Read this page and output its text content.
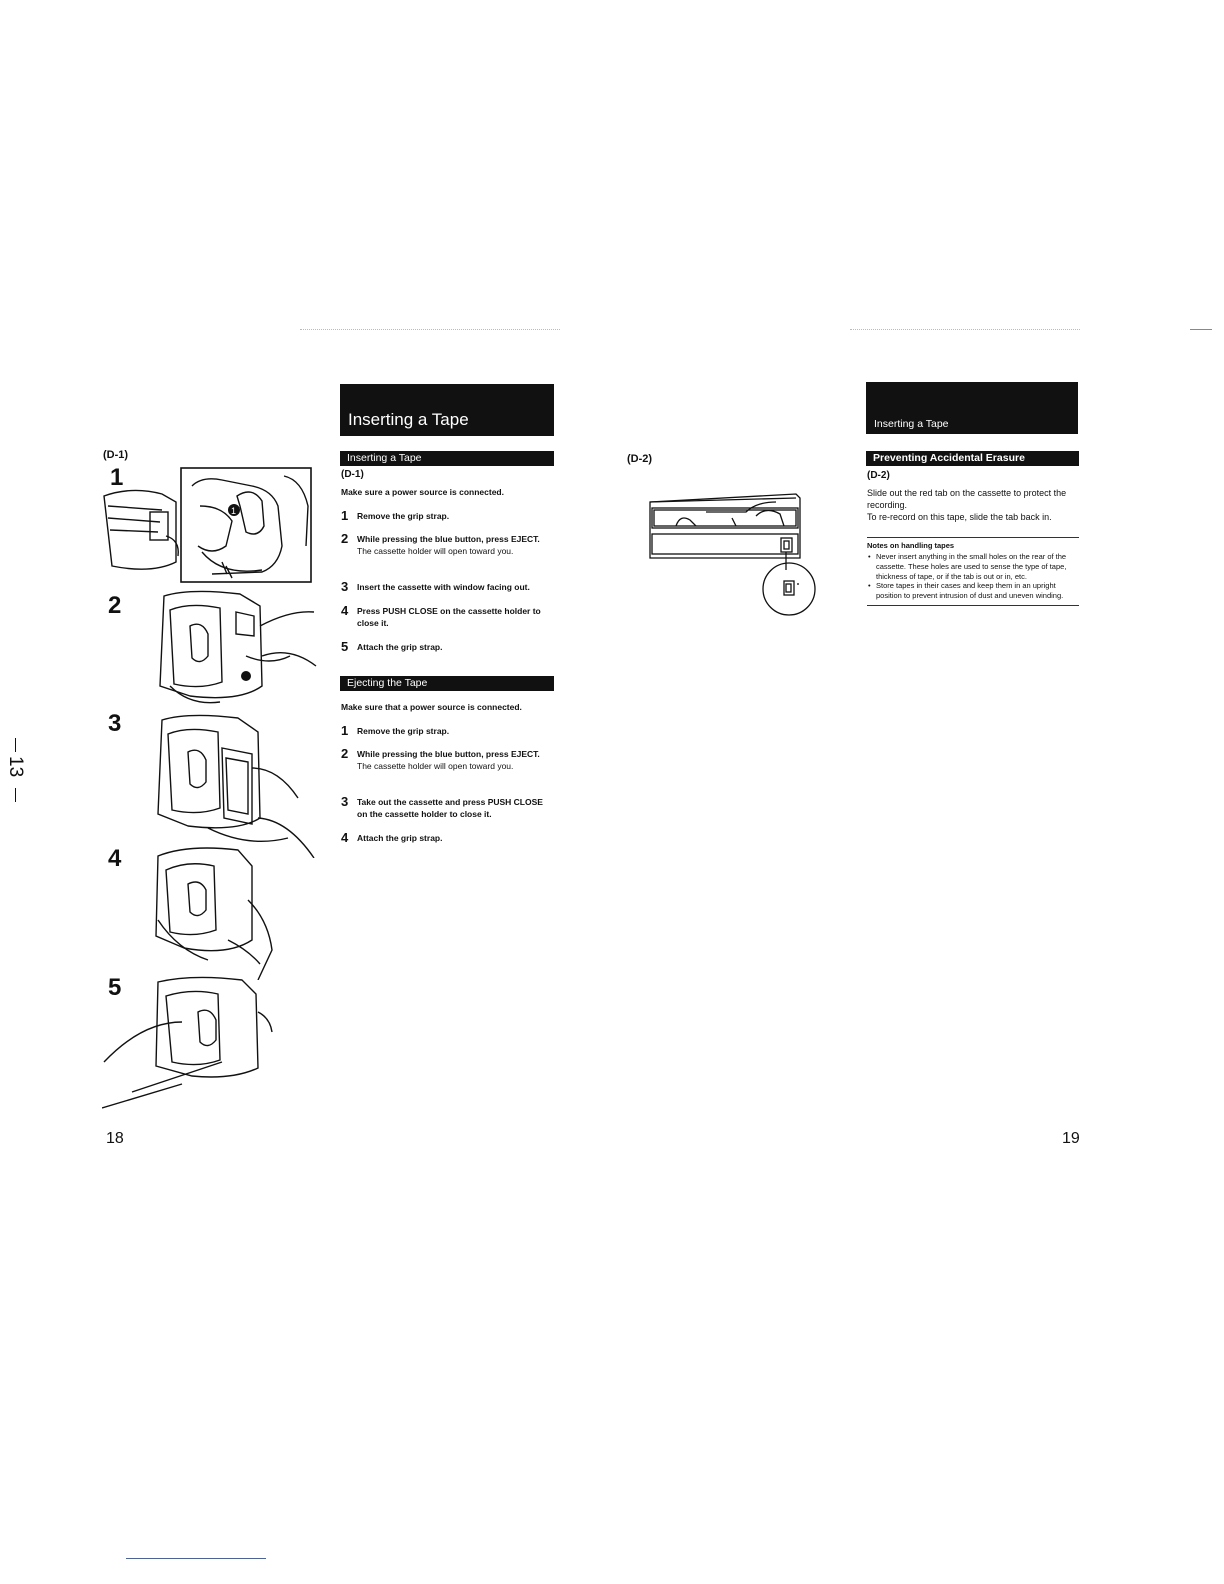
13
(D-1)
1
2
3
4
5
1
18
Inserting a Tape
Inserting a Tape
(D-1)
Make sure a power source is connected.
1 Remove the grip strap.
2 While pressing the blue button, press EJECT.
The cassette holder will open toward you.
3 Insert the cassette with window facing out.
4 Press PUSH CLOSE on the cassette holder to close it.
5 Attach the grip strap.
Ejecting the Tape
Make sure that a power source is connected.
1 Remove the grip strap.
2 While pressing the blue button, press EJECT.
The cassette holder will open toward you.
3 Take out the cassette and press PUSH CLOSE on the cassette holder to close it.
4 Attach the grip strap.
(D-2)
Inserting a Tape
Preventing Accidental Erasure
(D-2)
Slide out the red tab on the cassette to protect the recording.
To re-record on this tape, slide the tab back in.
Notes on handling tapes
• Never insert anything in the small holes on the rear of the cassette. These holes are used to sense the type of tape, thickness of tape, or if the tab is out or in, etc.
• Store tapes in their cases and keep them in an upright position to prevent intrusion of dust and uneven winding.
19
